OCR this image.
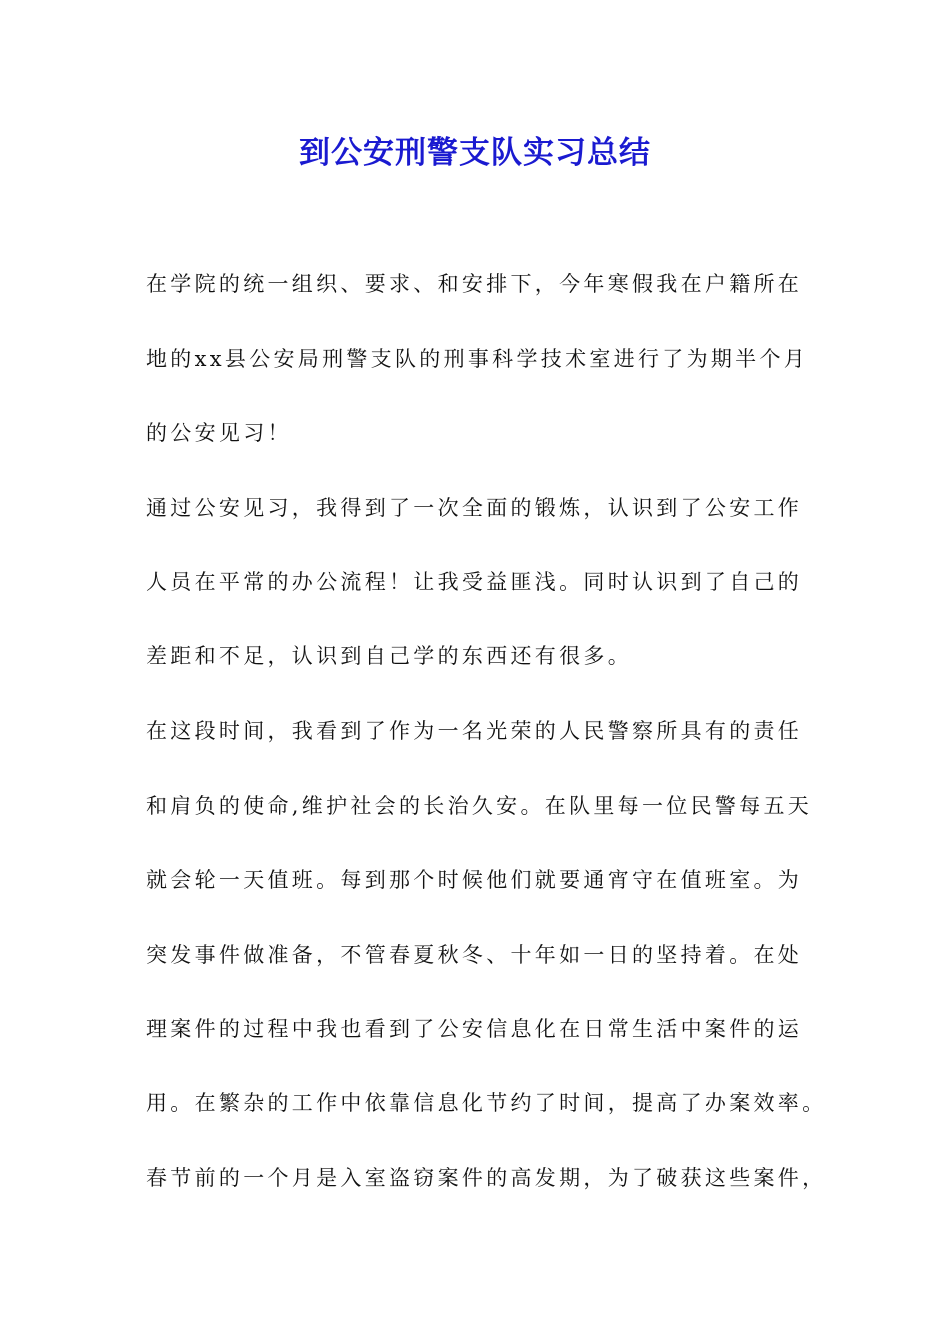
到公安刑警支队实习总结
在学院的统一组织、要求、和安排下，今年寒假我在户籍所在
地的xx县公安局刑警支队的刑事科学技术室进行了为期半个月
的公安见习！
通过公安见习，我得到了一次全面的锻炼，认识到了公安工作
人员在平常的办公流程！让我受益匪浅。同时认识到了自己的
差距和不足，认识到自己学的东西还有很多。
在这段时间，我看到了作为一名光荣的人民警察所具有的责任
和肩负的使命,维护社会的长治久安。在队里每一位民警每五天
就会轮一天值班。每到那个时候他们就要通宵守在值班室。为
突发事件做准备，不管春夏秋冬、十年如一日的坚持着。在处
理案件的过程中我也看到了公安信息化在日常生活中案件的运
用。在繁杂的工作中依靠信息化节约了时间，提高了办案效率。
春节前的一个月是入室盗窃案件的高发期，为了破获这些案件，
